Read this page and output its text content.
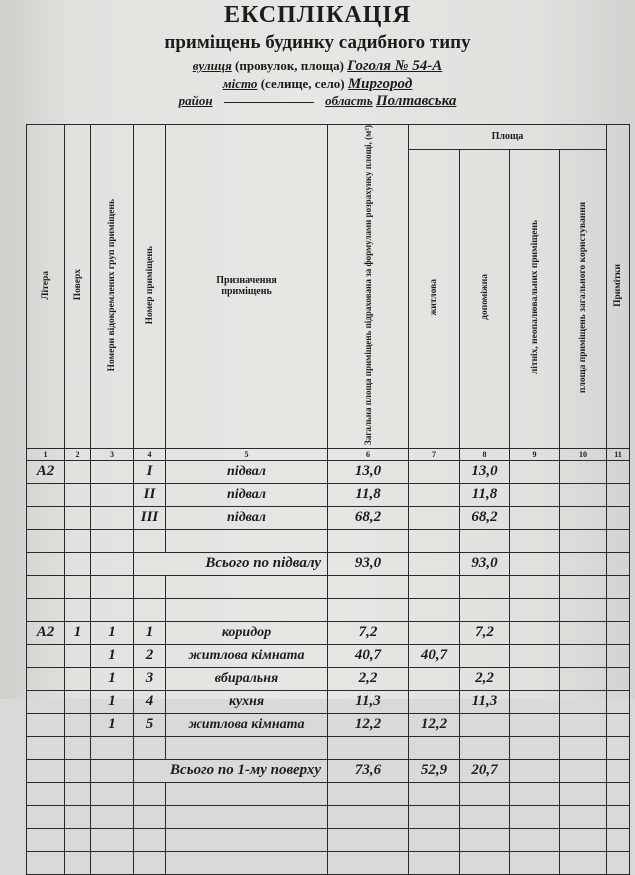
ЕКСПЛІКАЦІЯ
приміщень будинку садибного типу
вулиця (провулок, площа) Гоголя № 54-А
місто (селище, село) Миргород
район	область Полтавська
Літера	Поверх	Номери відокремлених груп приміщень	Номер приміщень	Призначення приміщень	Загальна площа приміщень підрахована за формулами розрахунку площі, (м²)	Площа				Примітки
						житлова	допоміжна	літніх, неопалювальних приміщень	площа приміщень загального користування	
1	2	3	4	5	6	7	8	9	10	11
А2			I	підвал	13,0		13,0			
			II	підвал	11,8		11,8			
			III	підвал	68,2		68,2			

			Всього по підвалу		93,0		93,0			

А2	1	1	1	коридор	7,2		7,2			
		1	2	житлова кімната	40,7	40,7				
		1	3	вбиральня	2,2		2,2			
		1	4	кухня	11,3		11,3			
		1	5	житлова кімната	12,2	12,2				

			Всього по 1-му поверху		73,6	52,9	20,7			
